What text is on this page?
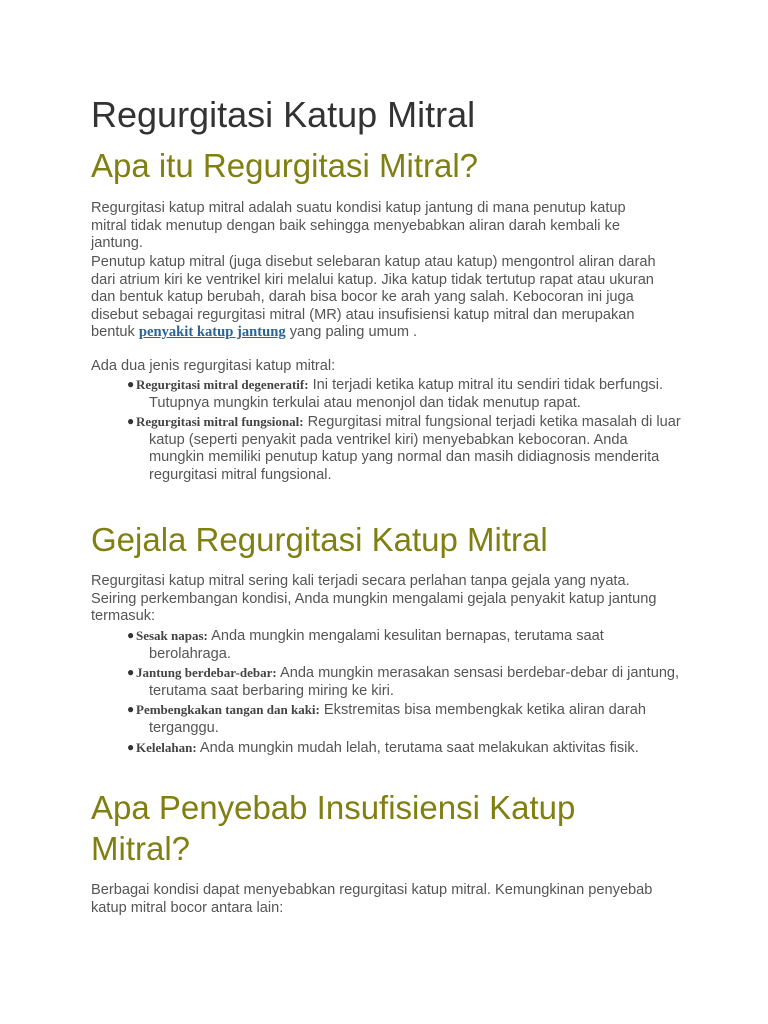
Regurgitasi Katup Mitral
Apa itu Regurgitasi Mitral?

Regurgitasi katup mitral adalah suatu kondisi katup jantung di mana penutup katup mitral tidak menutup dengan baik sehingga menyebabkan aliran darah kembali ke jantung.

Penutup katup mitral (juga disebut selebaran katup atau katup) mengontrol aliran darah dari atrium kiri ke ventrikel kiri melalui katup. Jika katup tidak tertutup rapat atau ukuran dan bentuk katup berubah, darah bisa bocor ke arah yang salah. Kebocoran ini juga disebut sebagai regurgitasi mitral (MR) atau insufisiensi katup mitral dan merupakan bentuk penyakit katup jantung yang paling umum .

Ada dua jenis regurgitasi katup mitral:

● Regurgitasi mitral degeneratif: Ini terjadi ketika katup mitral itu sendiri tidak berfungsi. Tutupnya mungkin terkulai atau menonjol dan tidak menutup rapat.
● Regurgitasi mitral fungsional: Regurgitasi mitral fungsional terjadi ketika masalah di luar katup (seperti penyakit pada ventrikel kiri) menyebabkan kebocoran. Anda mungkin memiliki penutup katup yang normal dan masih didiagnosis menderita regurgitasi mitral fungsional.
Gejala Regurgitasi Katup Mitral

Regurgitasi katup mitral sering kali terjadi secara perlahan tanpa gejala yang nyata. Seiring perkembangan kondisi, Anda mungkin mengalami gejala penyakit katup jantung termasuk:

● Sesak napas: Anda mungkin mengalami kesulitan bernapas, terutama saat berolahraga.
● Jantung berdebar-debar: Anda mungkin merasakan sensasi berdebar-debar di jantung, terutama saat berbaring miring ke kiri.
● Pembengkakan tangan dan kaki: Ekstremitas bisa membengkak ketika aliran darah terganggu.
● Kelelahan: Anda mungkin mudah lelah, terutama saat melakukan aktivitas fisik.
Apa Penyebab Insufisiensi Katup Mitral?

Berbagai kondisi dapat menyebabkan regurgitasi katup mitral. Kemungkinan penyebab katup mitral bocor antara lain:
